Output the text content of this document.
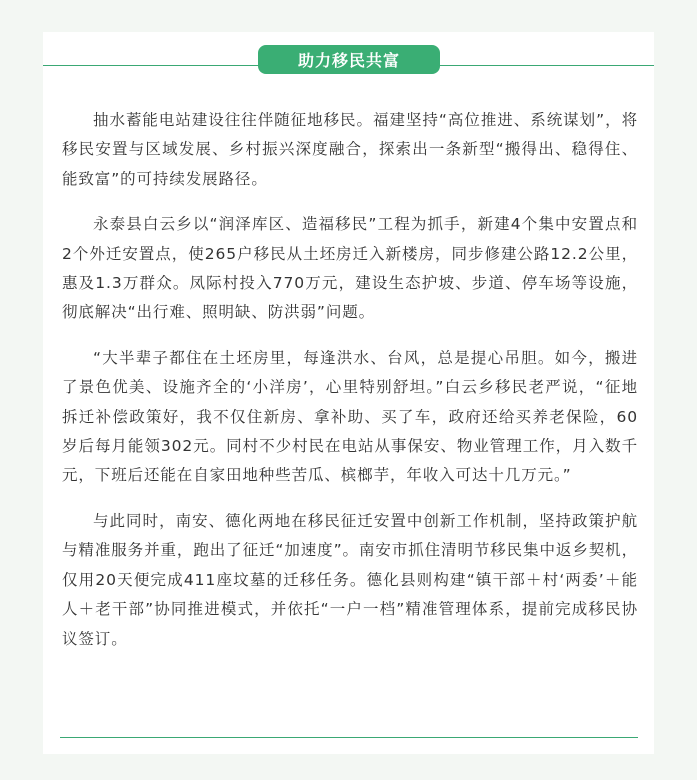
助力移民共富

抽水蓄能电站建设往往伴随征地移民。福建坚持“高位推进、系统谋划”，将移民安置与区域发展、乡村振兴深度融合，探索出一条新型“搬得出、稳得住、能致富”的可持续发展路径。

永泰县白云乡以“润泽库区、造福移民”工程为抓手，新建4个集中安置点和2个外迁安置点，使265户移民从土坯房迁入新楼房，同步修建公路12.2公里，惠及1.3万群众。凤际村投入770万元，建设生态护坡、步道、停车场等设施，彻底解决“出行难、照明缺、防洪弱”问题。

“大半辈子都住在土坯房里，每逢洪水、台风，总是提心吊胆。如今，搬进了景色优美、设施齐全的‘小洋房’，心里特别舒坦。”白云乡移民老严说，“征地拆迁补偿政策好，我不仅住新房、拿补助、买了车，政府还给买养老保险，60岁后每月能领302元。同村不少村民在电站从事保安、物业管理工作，月入数千元，下班后还能在自家田地种些苦瓜、槟榔芋，年收入可达十几万元。”

与此同时，南安、德化两地在移民征迁安置中创新工作机制，坚持政策护航与精准服务并重，跑出了征迁“加速度”。南安市抓住清明节移民集中返乡契机，仅用20天便完成411座坟墓的迁移任务。德化县则构建“镇干部＋村‘两委’＋能人＋老干部”协同推进模式，并依托“一户一档”精准管理体系，提前完成移民协议签订。
